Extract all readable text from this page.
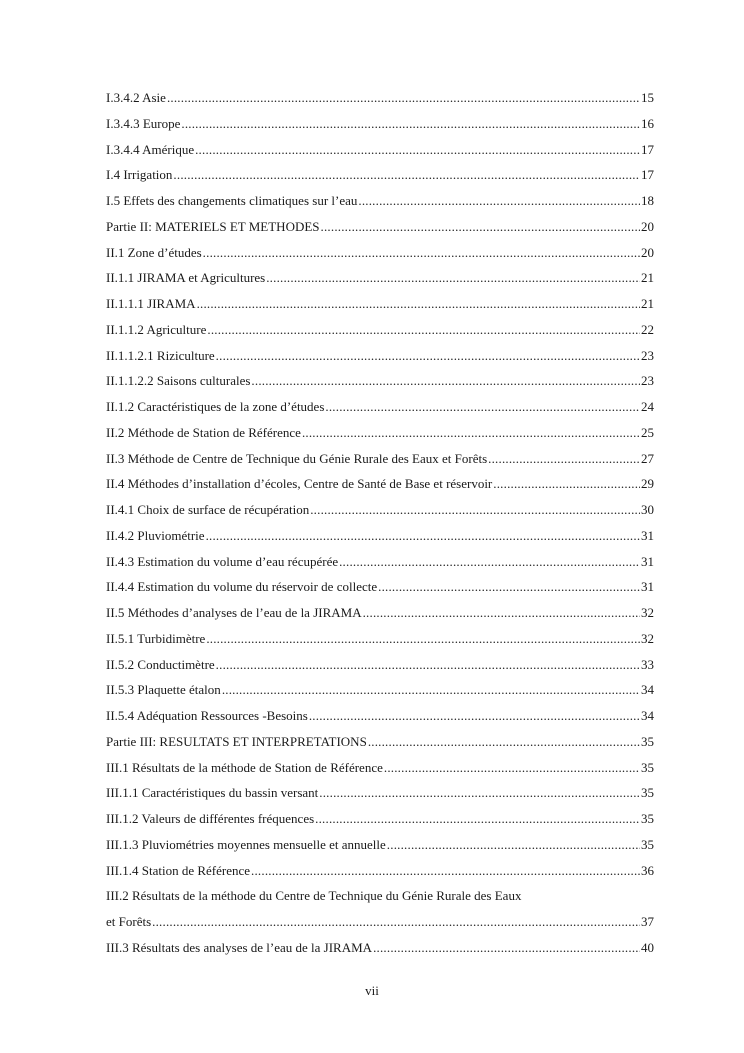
I.3.4.2 Asie .....	15
I.3.4.3 Europe .....	16
I.3.4.4 Amérique .....	17
I.4 Irrigation .....	17
I.5 Effets des changements climatiques sur l’eau .....	18
Partie II: MATERIELS ET METHODES .....	20
II.1 Zone d’études .....	20
II.1.1 JIRAMA et Agricultures .....	21
II.1.1.1 JIRAMA .....	21
II.1.1.2 Agriculture .....	22
II.1.1.2.1 Riziculture .....	23
II.1.1.2.2 Saisons culturales .....	23
II.1.2 Caractéristiques de la zone d’études .....	24
II.2 Méthode de Station de Référence .....	25
II.3 Méthode de Centre de Technique du Génie Rurale des Eaux et Forêts .....	27
II.4 Méthodes d’installation d’écoles, Centre de Santé de Base et réservoir .....	29
II.4.1 Choix de surface de récupération .....	30
II.4.2 Pluviométrie .....	31
II.4.3 Estimation du volume d’eau récupérée .....	31
II.4.4 Estimation du volume du réservoir de collecte .....	31
II.5 Méthodes d’analyses de l’eau de la JIRAMA .....	32
II.5.1 Turbidimètre .....	32
II.5.2 Conductimètre .....	33
II.5.3 Plaquette étalon .....	34
II.5.4 Adéquation Ressources -Besoins .....	34
Partie III: RESULTATS ET INTERPRETATIONS .....	35
III.1 Résultats de la méthode de Station de Référence .....	35
III.1.1 Caractéristiques du bassin versant .....	35
III.1.2 Valeurs de différentes fréquences .....	35
III.1.3 Pluviométries moyennes mensuelle et annuelle .....	35
III.1.4 Station de Référence .....	36
III.2 Résultats de la méthode du Centre de Technique du Génie Rurale des Eaux
et Forêts .....	37
III.3 Résultats des analyses de l’eau de la JIRAMA .....	40
vii
